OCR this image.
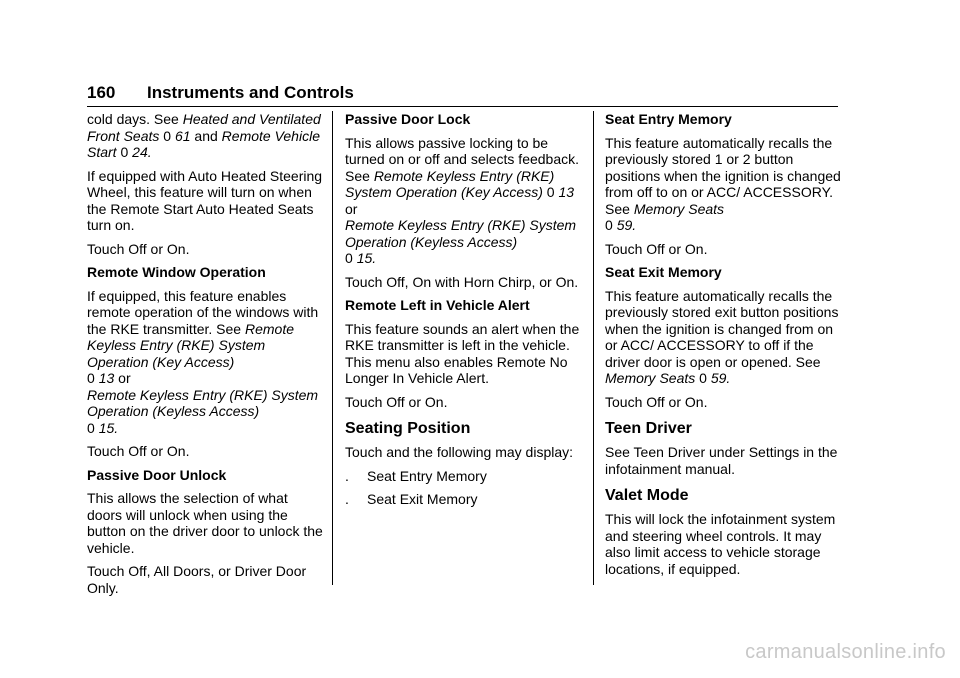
160 Instruments and Controls

cold days. See Heated and Ventilated Front Seats 0 61 and Remote Vehicle Start 0 24.

If equipped with Auto Heated Steering Wheel, this feature will turn on when the Remote Start Auto Heated Seats turn on.

Touch Off or On.

Remote Window Operation

If equipped, this feature enables remote operation of the windows with the RKE transmitter. See Remote Keyless Entry (RKE) System Operation (Key Access)
0 13 or
Remote Keyless Entry (RKE) System Operation (Keyless Access)
0 15.

Touch Off or On.

Passive Door Unlock

This allows the selection of what doors will unlock when using the button on the driver door to unlock the vehicle.

Touch Off, All Doors, or Driver Door Only.

Passive Door Lock

This allows passive locking to be turned on or off and selects feedback. See Remote Keyless Entry (RKE) System Operation (Key Access) 0 13 or
Remote Keyless Entry (RKE) System Operation (Keyless Access)
0 15.

Touch Off, On with Horn Chirp, or On.

Remote Left in Vehicle Alert

This feature sounds an alert when the RKE transmitter is left in the vehicle. This menu also enables Remote No Longer In Vehicle Alert.

Touch Off or On.

Seating Position

Touch and the following may display:

.	Seat Entry Memory
.	Seat Exit Memory

Seat Entry Memory

This feature automatically recalls the previously stored 1 or 2 button positions when the ignition is changed from off to on or ACC/ ACCESSORY. See Memory Seats
0 59.

Touch Off or On.

Seat Exit Memory

This feature automatically recalls the previously stored exit button positions when the ignition is changed from on or ACC/ ACCESSORY to off if the driver door is open or opened. See
Memory Seats 0 59.

Touch Off or On.

Teen Driver

See Teen Driver under Settings in the infotainment manual.

Valet Mode

This will lock the infotainment system and steering wheel controls. It may also limit access to vehicle storage locations, if equipped.

carmanualsonline.info
